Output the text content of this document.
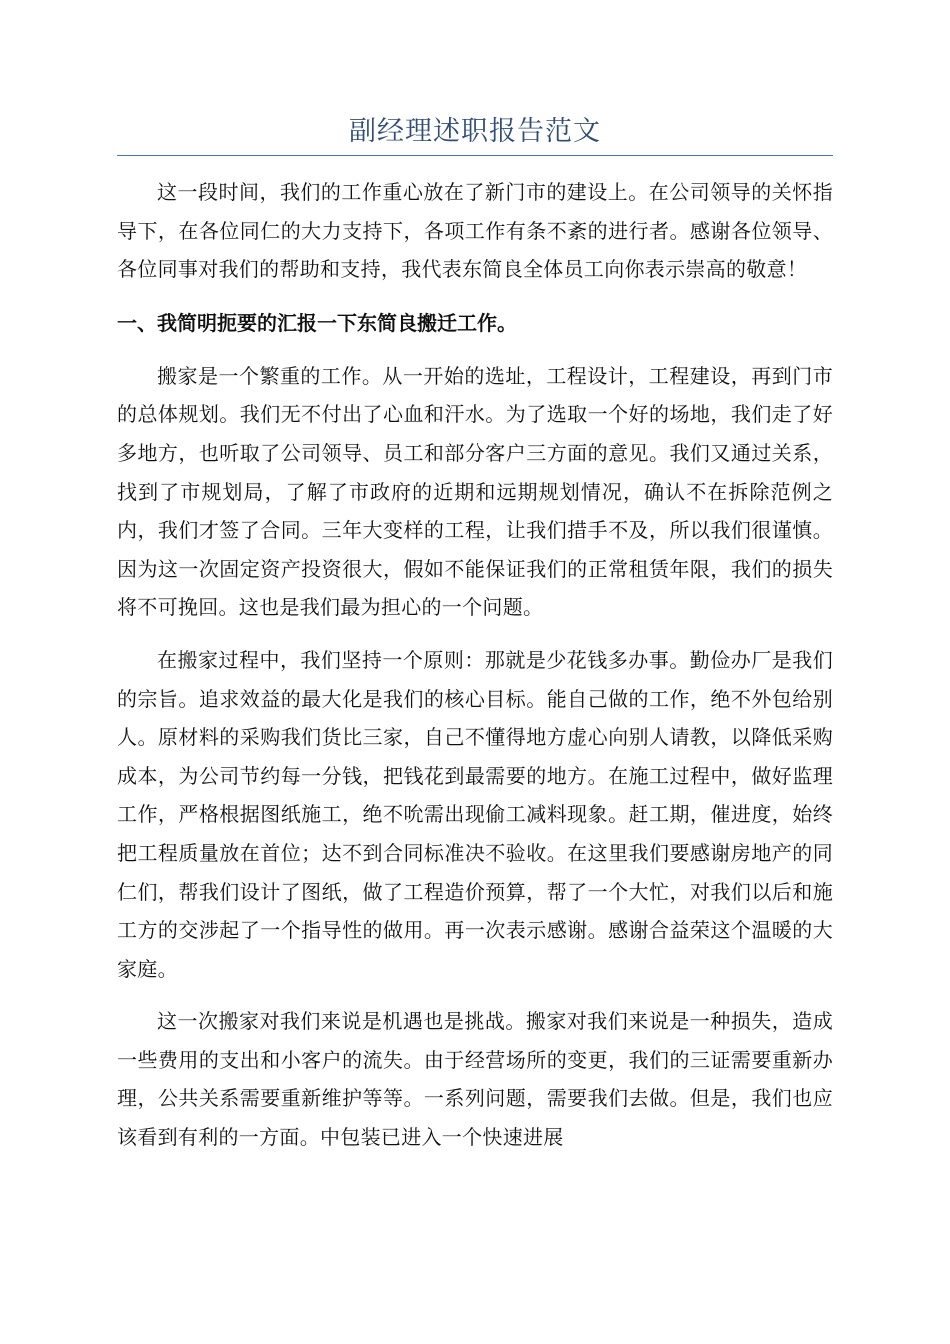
副经理述职报告范文

这一段时间，我们的工作重心放在了新门市的建设上。在公司领导的关怀指导下，在各位同仁的大力支持下，各项工作有条不紊的进行者。感谢各位领导、各位同事对我们的帮助和支持，我代表东简良全体员工向你表示崇高的敬意！

一、我简明扼要的汇报一下东简良搬迁工作。

搬家是一个繁重的工作。从一开始的选址，工程设计，工程建设，再到门市的总体规划。我们无不付出了心血和汗水。为了选取一个好的场地，我们走了好多地方，也听取了公司领导、员工和部分客户三方面的意见。我们又通过关系，找到了市规划局，了解了市政府的近期和远期规划情况，确认不在拆除范例之内，我们才签了合同。三年大变样的工程，让我们措手不及，所以我们很谨慎。因为这一次固定资产投资很大，假如不能保证我们的正常租赁年限，我们的损失将不可挽回。这也是我们最为担心的一个问题。

在搬家过程中，我们坚持一个原则：那就是少花钱多办事。勤俭办厂是我们的宗旨。追求效益的最大化是我们的核心目标。能自己做的工作，绝不外包给别人。原材料的采购我们货比三家，自己不懂得地方虚心向别人请教，以降低采购成本，为公司节约每一分钱，把钱花到最需要的地方。在施工过程中，做好监理工作，严格根据图纸施工，绝不吮需出现偷工减料现象。赶工期，催进度，始终把工程质量放在首位；达不到合同标准决不验收。在这里我们要感谢房地产的同仁们，帮我们设计了图纸，做了工程造价预算，帮了一个大忙，对我们以后和施工方的交涉起了一个指导性的做用。再一次表示感谢。感谢合益荣这个温暖的大家庭。

这一次搬家对我们来说是机遇也是挑战。搬家对我们来说是一种损失，造成一些费用的支出和小客户的流失。由于经营场所的变更，我们的三证需要重新办理，公共关系需要重新维护等等。一系列问题，需要我们去做。但是，我们也应该看到有利的一方面。中包装已进入一个快速进展
